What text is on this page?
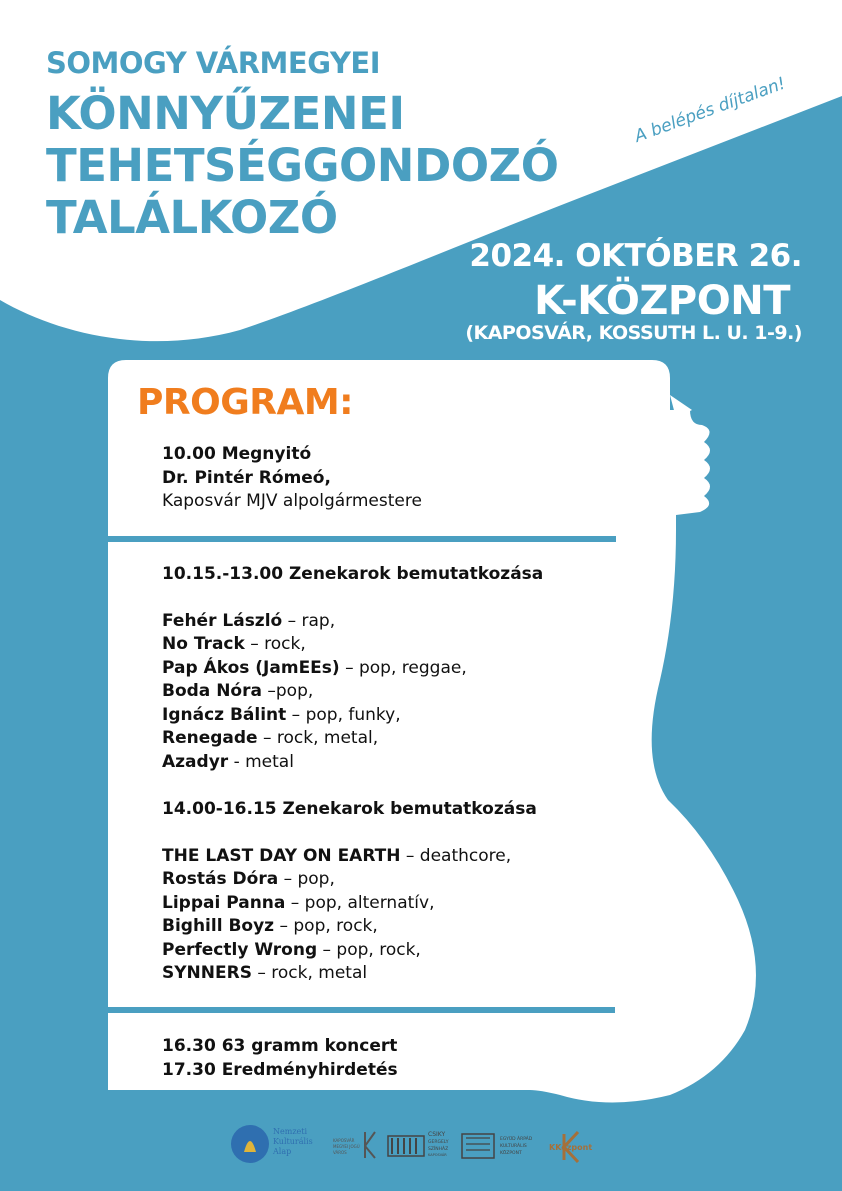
SOMOGY VÁRMEGYEI
KÖNNYŰZENEI
TEHETSÉGGONDOZÓ
TALÁLKOZÓ
A belépés díjtalan!
2024. OKTÓBER 26.
K-KÖZPONT
(KAPOSVÁR, KOSSUTH L. U. 1-9.)
PROGRAM:
10.00 Megnyitó
Dr. Pintér Rómeó,
Kaposvár MJV alpolgármestere
10.15.-13.00 Zenekarok bemutatkozása
Fehér László – rap,
No Track – rock,
Pap Ákos (JamEEs) – pop, reggae,
Boda Nóra –pop,
Ignácz Bálint – pop, funky,
Renegade – rock, metal,
Azadyr - metal
14.00-16.15 Zenekarok bemutatkozása
THE LAST DAY ON EARTH – deathcore,
Rostás Dóra – pop,
Lippai Panna – pop, alternatív,
Bighill Boyz – pop, rock,
Perfectly Wrong – pop, rock,
SYNNERS – rock, metal
16.30 63 gramm koncert
17.30 Eredményhirdetés
Nemzeti
Kulturális
Alap
KAPOSVÁR
MEGYEI JOGÚ
VÁROS
CSIKY
GERGELY
SZÍNHÁZ
KAPOSVÁR
EGYÜD ÁRPÁD
KULTURÁLIS
KÖZPONT
KKözpont
